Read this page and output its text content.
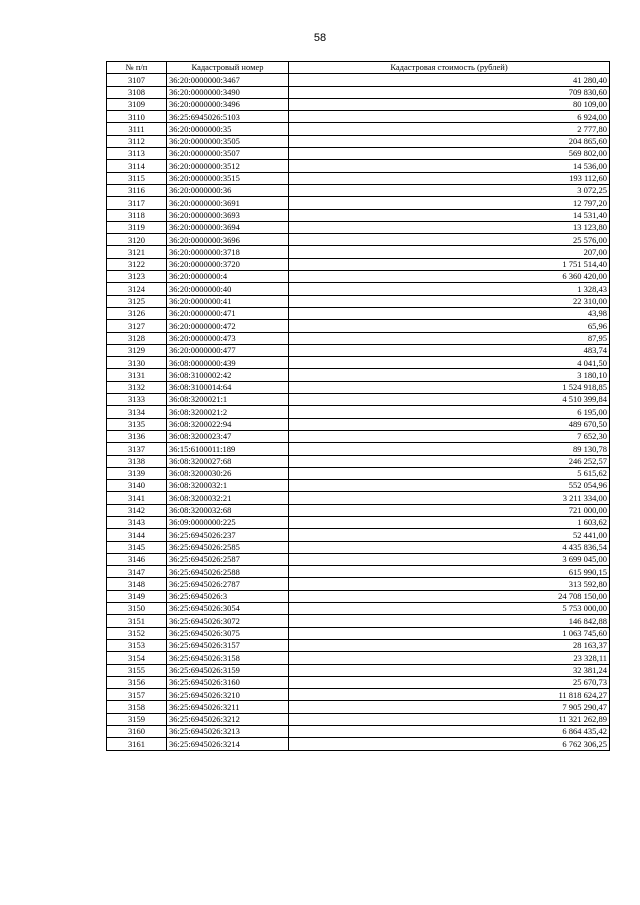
58
№ п/п	Кадастровый номер	Кадастровая стоимость (рублей)
3107	36:20:0000000:3467	41 280,40
3108	36:20:0000000:3490	709 830,60
3109	36:20:0000000:3496	80 109,00
3110	36:25:6945026:5103	6 924,00
3111	36:20:0000000:35	2 777,80
3112	36:20:0000000:3505	204 865,60
3113	36:20:0000000:3507	569 802,00
3114	36:20:0000000:3512	14 536,00
3115	36:20:0000000:3515	193 112,60
3116	36:20:0000000:36	3 072,25
3117	36:20:0000000:3691	12 797,20
3118	36:20:0000000:3693	14 531,40
3119	36:20:0000000:3694	13 123,80
3120	36:20:0000000:3696	25 576,00
3121	36:20:0000000:3718	207,00
3122	36:20:0000000:3720	1 751 514,40
3123	36:20:0000000:4	6 360 420,00
3124	36:20:0000000:40	1 328,43
3125	36:20:0000000:41	22 310,00
3126	36:20:0000000:471	43,98
3127	36:20:0000000:472	65,96
3128	36:20:0000000:473	87,95
3129	36:20:0000000:477	483,74
3130	36:08:0000000:439	4 041,50
3131	36:08:3100002:42	3 180,10
3132	36:08:3100014:64	1 524 918,85
3133	36:08:3200021:1	4 510 399,84
3134	36:08:3200021:2	6 195,00
3135	36:08:3200022:94	489 670,50
3136	36:08:3200023:47	7 652,30
3137	36:15:6100011:189	89 130,78
3138	36:08:3200027:68	246 252,57
3139	36:08:3200030:26	5 615,62
3140	36:08:3200032:1	552 054,96
3141	36:08:3200032:21	3 211 334,00
3142	36:08:3200032:68	721 000,00
3143	36:09:0000000:225	1 603,62
3144	36:25:6945026:237	52 441,00
3145	36:25:6945026:2585	4 435 836,54
3146	36:25:6945026:2587	3 699 045,00
3147	36:25:6945026:2588	615 990,15
3148	36:25:6945026:2787	313 592,80
3149	36:25:6945026:3	24 708 150,00
3150	36:25:6945026:3054	5 753 000,00
3151	36:25:6945026:3072	146 842,88
3152	36:25:6945026:3075	1 063 745,60
3153	36:25:6945026:3157	28 163,37
3154	36:25:6945026:3158	23 328,11
3155	36:25:6945026:3159	32 381,24
3156	36:25:6945026:3160	25 670,73
3157	36:25:6945026:3210	11 818 624,27
3158	36:25:6945026:3211	7 905 290,47
3159	36:25:6945026:3212	11 321 262,89
3160	36:25:6945026:3213	6 864 435,42
3161	36:25:6945026:3214	6 762 306,25
